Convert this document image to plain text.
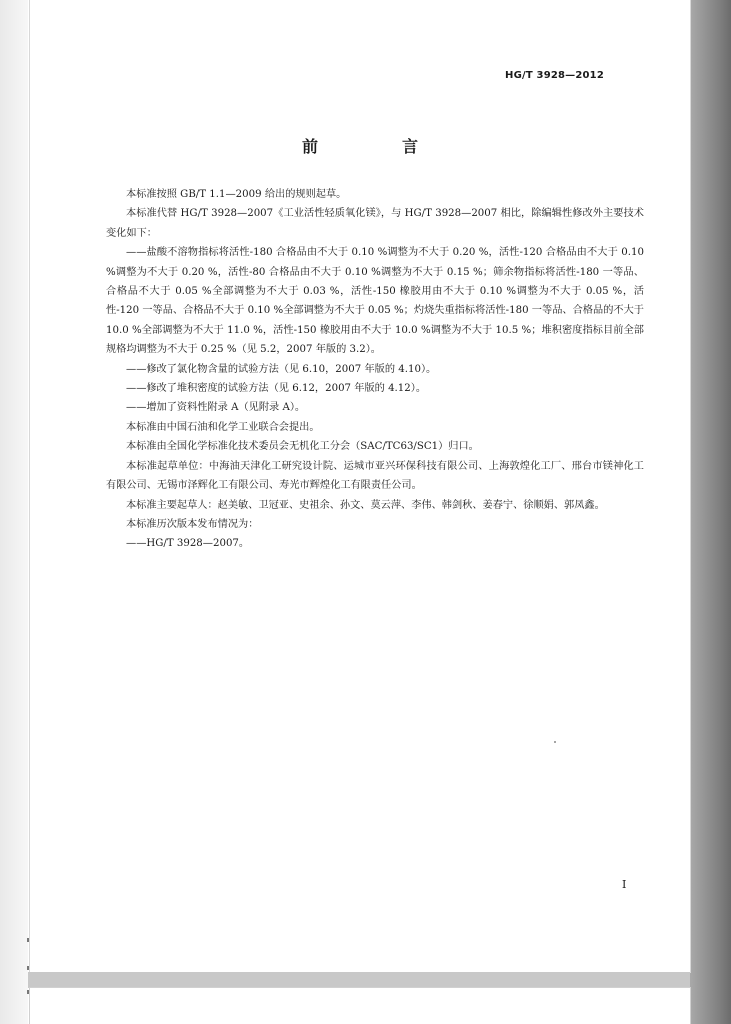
HG/T 3928—2012
前　言

本标准按照 GB/T 1.1—2009 给出的规则起草。

本标准代替 HG/T 3928—2007《工业活性轻质氧化镁》，与 HG/T 3928—2007 相比，除编辑性修改外主要技术变化如下：

——盐酸不溶物指标将活性-180 合格品由不大于 0.10 %调整为不大于 0.20 %，活性-120 合格品由不大于 0.10 %调整为不大于 0.20 %，活性-80 合格品由不大于 0.10 %调整为不大于 0.15 %；筛余物指标将活性-180 一等品、合格品不大于 0.05 %全部调整为不大于 0.03 %，活性-150 橡胶用由不大于 0.10 %调整为不大于 0.05 %，活性-120 一等品、合格品不大于 0.10 %全部调整为不大于 0.05 %；灼烧失重指标将活性-180 一等品、合格品的不大于 10.0 %全部调整为不大于 11.0 %，活性-150 橡胶用由不大于 10.0 %调整为不大于 10.5 %；堆积密度指标目前全部规格均调整为不大于 0.25 %（见 5.2，2007 年版的 3.2）。

——修改了氯化物含量的试验方法（见 6.10，2007 年版的 4.10）。

——修改了堆积密度的试验方法（见 6.12，2007 年版的 4.12）。

——增加了资料性附录 A（见附录 A）。

本标准由中国石油和化学工业联合会提出。

本标准由全国化学标准化技术委员会无机化工分会（SAC/TC63/SC1）归口。

本标准起草单位：中海油天津化工研究设计院、运城市亚兴环保科技有限公司、上海敦煌化工厂、邢台市镁神化工有限公司、无锡市泽辉化工有限公司、寿光市辉煌化工有限责任公司。

本标准主要起草人：赵美敏、卫冠亚、史祖余、孙文、莫云萍、李伟、韩剑秋、姜春宁、徐顺娟、郭凤鑫。

本标准历次版本发布情况为：

——HG/T 3928—2007。

I
